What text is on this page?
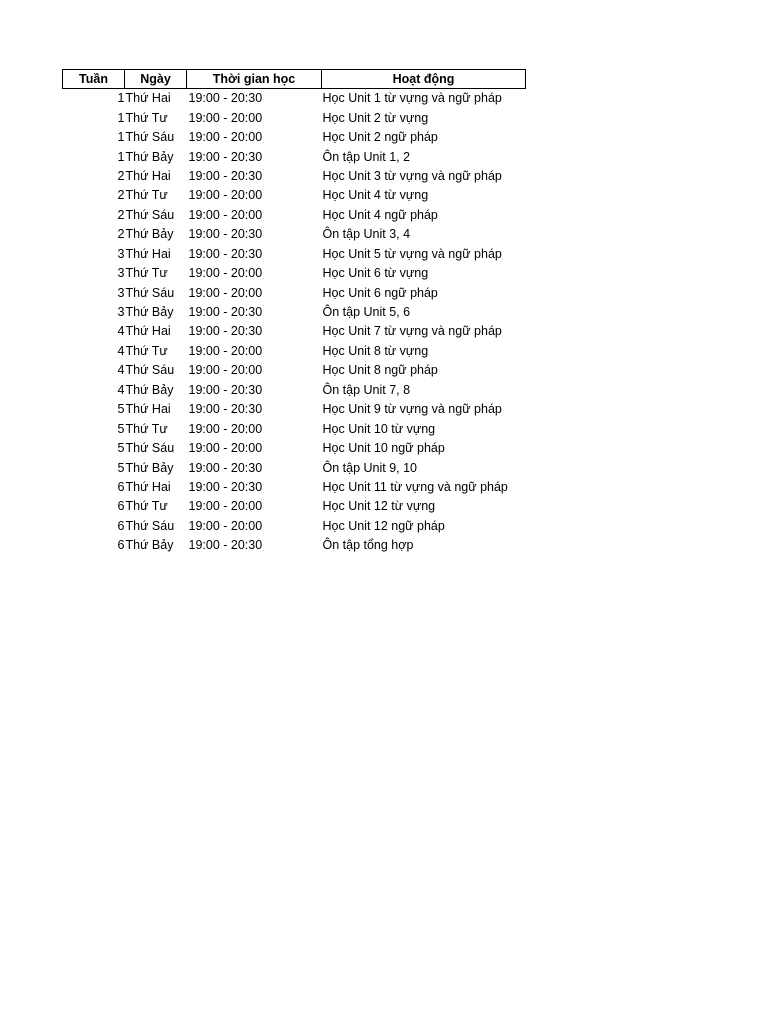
Tuần	Ngày	Thời gian học	Hoạt động
1	Thứ Hai	19:00 - 20:30	Học Unit 1 từ vựng và ngữ pháp
1	Thứ Tư	19:00 - 20:00	Học Unit 2 từ vựng
1	Thứ Sáu	19:00 - 20:00	Học Unit 2 ngữ pháp
1	Thứ Bảy	19:00 - 20:30	Ôn tập Unit 1, 2
2	Thứ Hai	19:00 - 20:30	Học Unit 3 từ vựng và ngữ pháp
2	Thứ Tư	19:00 - 20:00	Học Unit 4 từ vựng
2	Thứ Sáu	19:00 - 20:00	Học Unit 4 ngữ pháp
2	Thứ Bảy	19:00 - 20:30	Ôn tập Unit 3, 4
3	Thứ Hai	19:00 - 20:30	Học Unit 5 từ vựng và ngữ pháp
3	Thứ Tư	19:00 - 20:00	Học Unit 6 từ vựng
3	Thứ Sáu	19:00 - 20:00	Học Unit 6 ngữ pháp
3	Thứ Bảy	19:00 - 20:30	Ôn tập Unit 5, 6
4	Thứ Hai	19:00 - 20:30	Học Unit 7 từ vựng và ngữ pháp
4	Thứ Tư	19:00 - 20:00	Học Unit 8 từ vựng
4	Thứ Sáu	19:00 - 20:00	Học Unit 8 ngữ pháp
4	Thứ Bảy	19:00 - 20:30	Ôn tập Unit 7, 8
5	Thứ Hai	19:00 - 20:30	Học Unit 9 từ vựng và ngữ pháp
5	Thứ Tư	19:00 - 20:00	Học Unit 10 từ vựng
5	Thứ Sáu	19:00 - 20:00	Học Unit 10 ngữ pháp
5	Thứ Bảy	19:00 - 20:30	Ôn tập Unit 9, 10
6	Thứ Hai	19:00 - 20:30	Học Unit 11 từ vựng và ngữ pháp
6	Thứ Tư	19:00 - 20:00	Học Unit 12 từ vựng
6	Thứ Sáu	19:00 - 20:00	Học Unit 12 ngữ pháp
6	Thứ Bảy	19:00 - 20:30	Ôn tập tổng hợp
